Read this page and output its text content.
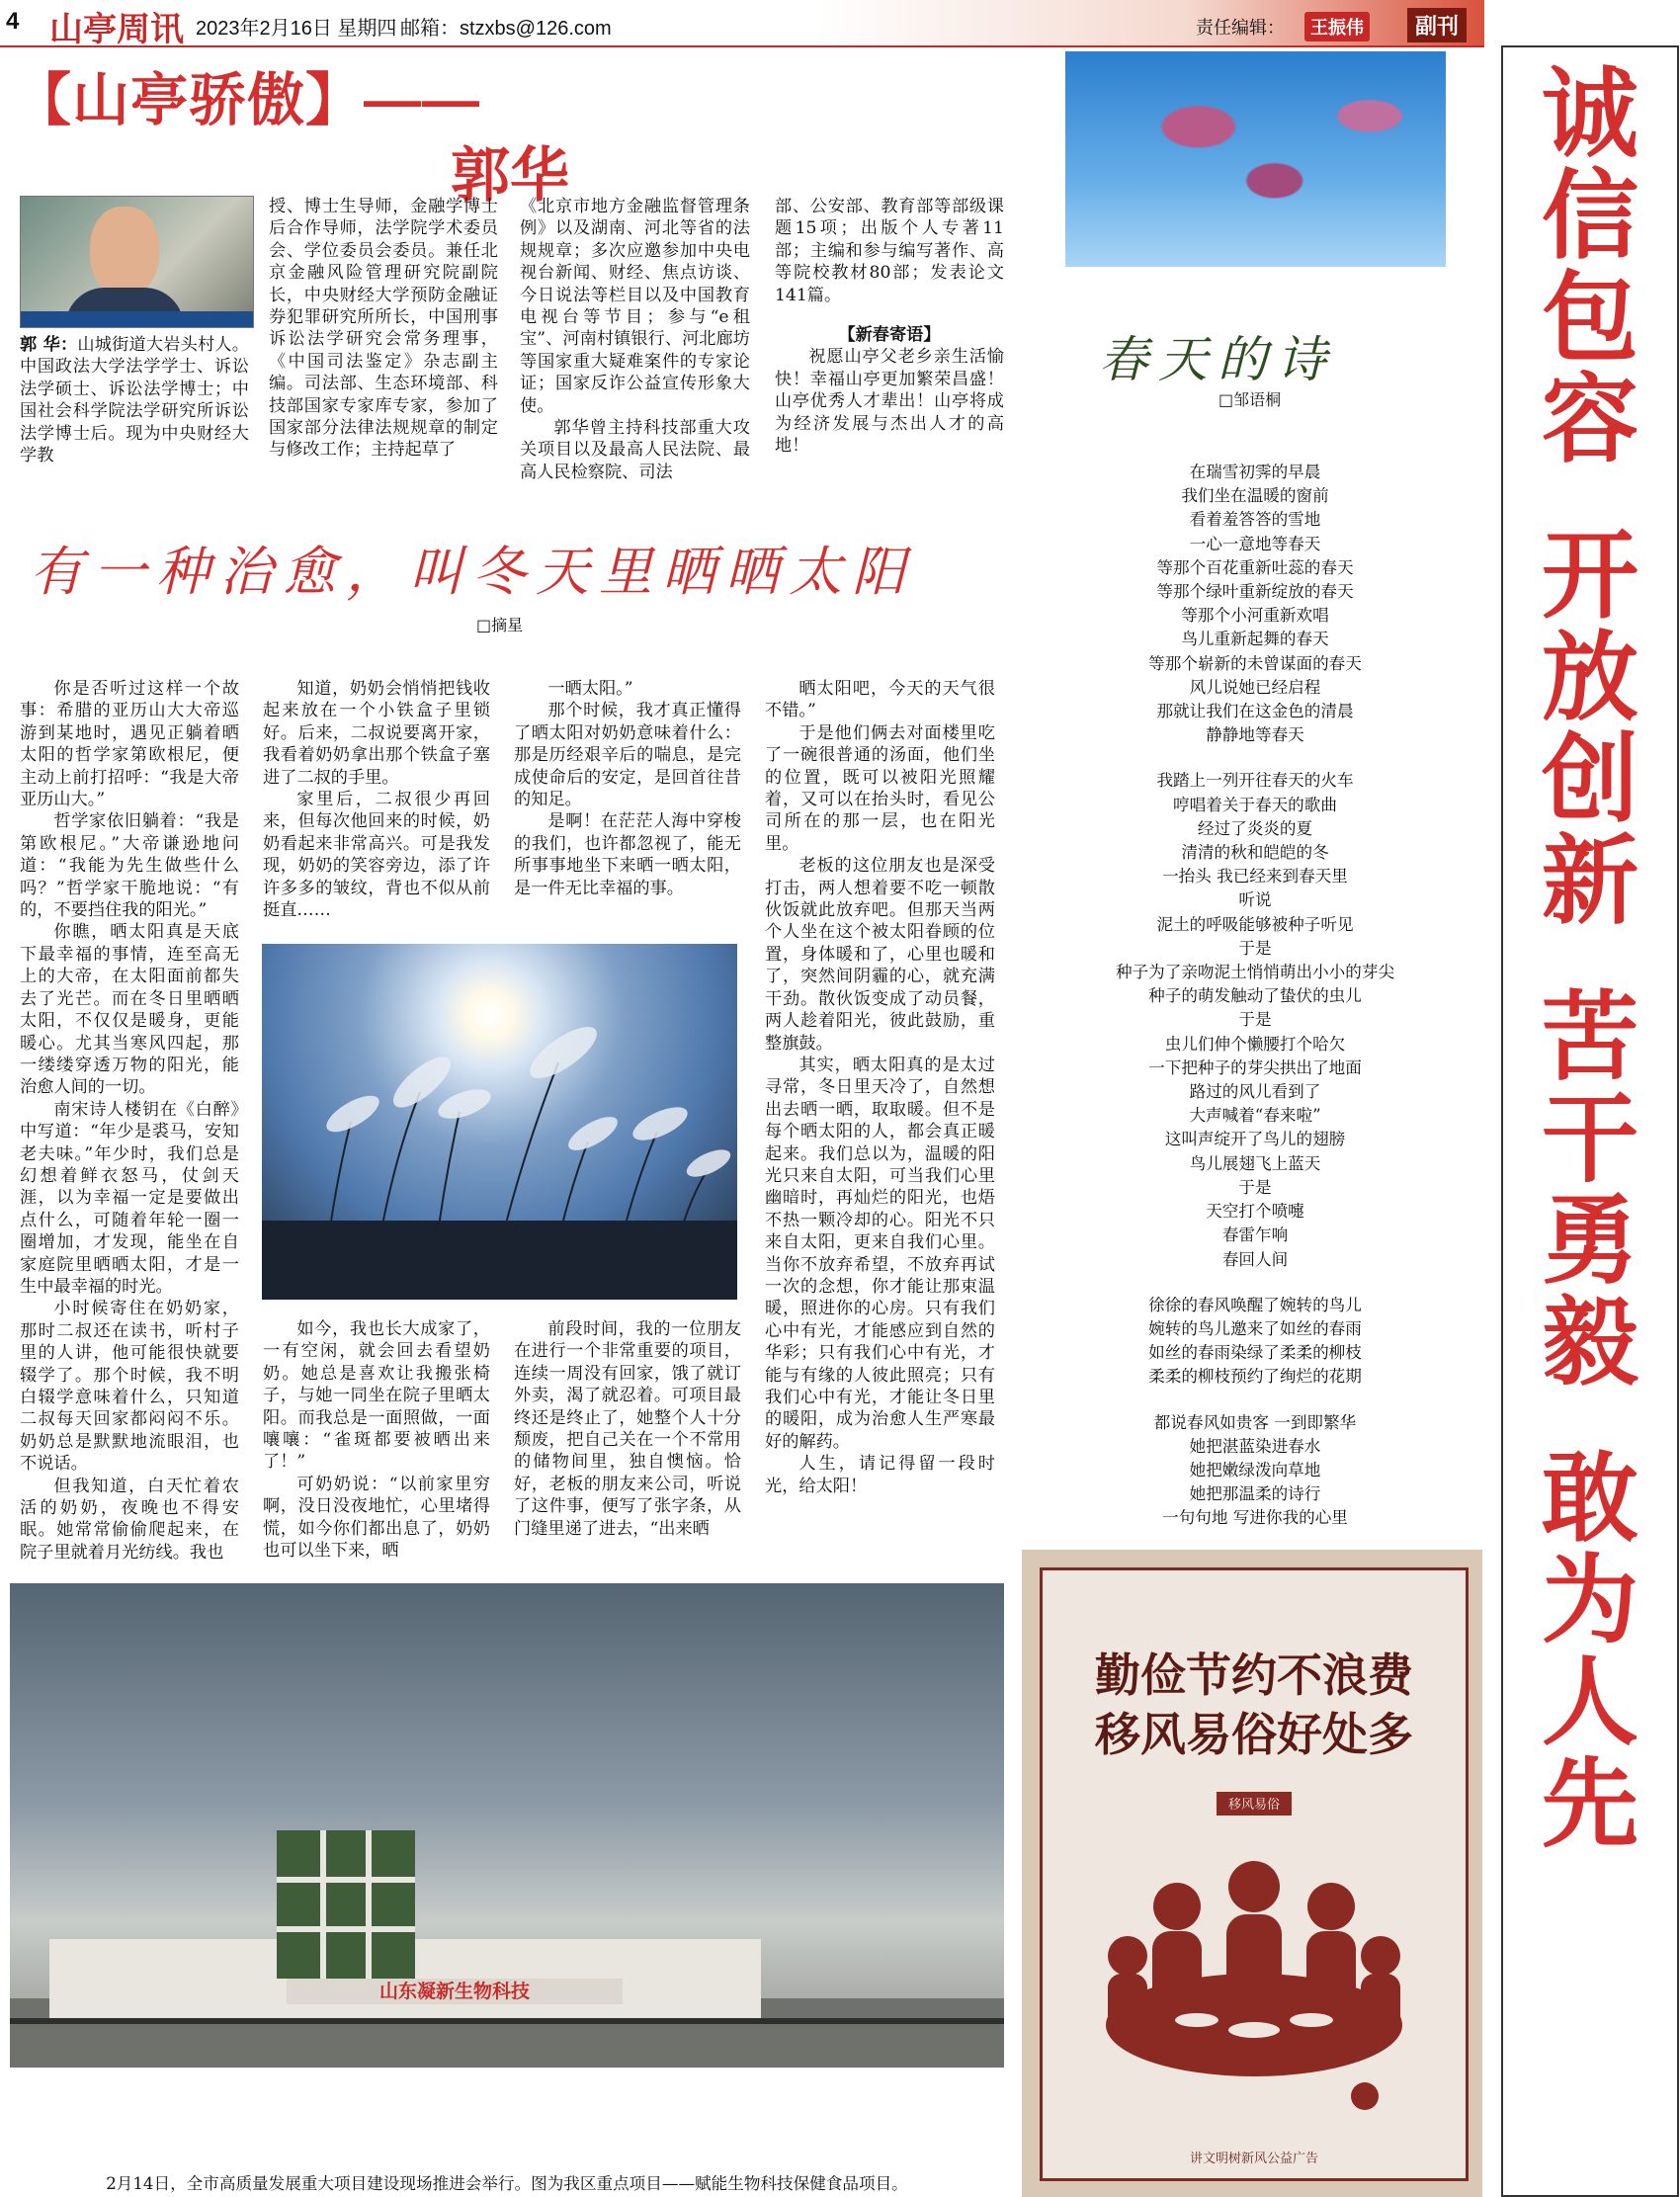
4 山亭周讯 2023年2月16日 星期四 邮箱：stzxbs@126.com	责任编辑：	王振伟	副刊
【山亭骄傲】——
郭华
郭 华：山城街道大岩头村人。中国政法大学法学学士、诉讼法学硕士、诉讼法学博士；中国社会科学院法学研究所诉讼法学博士后。现为中央财经大学教
授、博士生导师，金融学博士后合作导师，法学院学术委员会、学位委员会委员。兼任北京金融风险管理研究院副院长，中央财经大学预防金融证券犯罪研究所所长，中国刑事诉讼法学研究会常务理事，《中国司法鉴定》杂志副主编。司法部、生态环境部、科技部国家专家库专家，参加了国家部分法律法规规章的制定与修改工作；主持起草了
《北京市地方金融监督管理条例》以及湖南、河北等省的法规规章；多次应邀参加中央电视台新闻、财经、焦点访谈、今日说法等栏目以及中国教育电视台等节目；参与“e租宝”、河南村镇银行、河北廊坊等国家重大疑难案件的专家论证；国家反诈公益宣传形象大使。

郭华曾主持科技部重大攻关项目以及最高人民法院、最高人民检察院、司法

部、公安部、教育部等部级课题15项；出版个人专著11部；主编和参与编写著作、高等院校教材80部；发表论文141篇。
【新春寄语】

祝愿山亭父老乡亲生活愉快！幸福山亭更加繁荣昌盛！山亭优秀人才辈出！山亭将成为经济发展与杰出人才的高地！

有一种治愈，叫冬天里晒晒太阳
□摘星

你是否听过这样一个故事：希腊的亚历山大大帝巡游到某地时，遇见正躺着晒太阳的哲学家第欧根尼，便主动上前打招呼：“我是大帝亚历山大。”

哲学家依旧躺着：“我是第欧根尼。”大帝谦逊地问道：“我能为先生做些什么吗？”哲学家干脆地说：“有的，不要挡住我的阳光。”

你瞧，晒太阳真是天底下最幸福的事情，连至高无上的大帝，在太阳面前都失去了光芒。而在冬日里晒晒太阳，不仅仅是暖身，更能暖心。尤其当寒风四起，那一缕缕穿透万物的阳光，能治愈人间的一切。

南宋诗人楼钥在《白醉》中写道：“年少是裘马，安知老夫味。”年少时，我们总是幻想着鲜衣怒马，仗剑天涯，以为幸福一定是要做出点什么，可随着年轮一圈一圈增加，才发现，能坐在自家庭院里晒晒太阳，才是一生中最幸福的时光。

小时候寄住在奶奶家，那时二叔还在读书，听村子里的人讲，他可能很快就要辍学了。那个时候，我不明白辍学意味着什么，只知道二叔每天回家都闷闷不乐。奶奶总是默默地流眼泪，也不说话。

但我知道，白天忙着农活的奶奶，夜晚也不得安眠。她常常偷偷爬起来，在院子里就着月光纺线。我也

知道，奶奶会悄悄把钱收起来放在一个小铁盒子里锁好。后来，二叔说要离开家，我看着奶奶拿出那个铁盒子塞进了二叔的手里。

家里后，二叔很少再回来，但每次他回来的时候，奶奶看起来非常高兴。可是我发现，奶奶的笑容旁边，添了许许多多的皱纹，背也不似从前挺直……

如今，我也长大成家了，一有空闲，就会回去看望奶奶。她总是喜欢让我搬张椅子，与她一同坐在院子里晒太阳。而我总是一面照做，一面嚷嚷：“雀斑都要被晒出来了！”

可奶奶说：“以前家里穷啊，没日没夜地忙，心里堵得慌，如今你们都出息了，奶奶也可以坐下来，晒

一晒太阳。”

那个时候，我才真正懂得了晒太阳对奶奶意味着什么：那是历经艰辛后的喘息，是完成使命后的安定，是回首往昔的知足。

是啊！在茫茫人海中穿梭的我们，也许都忽视了，能无所事事地坐下来晒一晒太阳，是一件无比幸福的事。

前段时间，我的一位朋友在进行一个非常重要的项目，连续一周没有回家，饿了就订外卖，渴了就忍着。可项目最终还是终止了，她整个人十分颓废，把自己关在一个不常用的储物间里，独自懊恼。恰好，老板的朋友来公司，听说了这件事，便写了张字条，从门缝里递了进去，“出来晒

晒太阳吧，今天的天气很不错。”

于是他们俩去对面楼里吃了一碗很普通的汤面，他们坐的位置，既可以被阳光照耀着，又可以在抬头时，看见公司所在的那一层，也在阳光里。

老板的这位朋友也是深受打击，两人想着要不吃一顿散伙饭就此放弃吧。但那天当两个人坐在这个被太阳眷顾的位置，身体暖和了，心里也暖和了，突然间阴霾的心，就充满干劲。散伙饭变成了动员餐，两人趁着阳光，彼此鼓励，重整旗鼓。

其实，晒太阳真的是太过寻常，冬日里天冷了，自然想出去晒一晒，取取暖。但不是每个晒太阳的人，都会真正暖起来。我们总以为，温暖的阳光只来自太阳，可当我们心里幽暗时，再灿烂的阳光，也焐不热一颗冷却的心。阳光不只来自太阳，更来自我们心里。当你不放弃希望，不放弃再试一次的念想，你才能让那束温暖，照进你的心房。只有我们心中有光，才能感应到自然的华彩；只有我们心中有光，才能与有缘的人彼此照亮；只有我们心中有光，才能让冬日里的暖阳，成为治愈人生严寒最好的解药。

人生，请记得留一段时光，给太阳！

春天的诗
□邹语桐
在瑞雪初霁的早晨
我们坐在温暖的窗前
看着羞答答的雪地
一心一意地等春天
等那个百花重新吐蕊的春天
等那个绿叶重新绽放的春天
等那个小河重新欢唱
鸟儿重新起舞的春天
等那个崭新的未曾谋面的春天
风儿说她已经启程
那就让我们在这金色的清晨
静静地等春天
我踏上一列开往春天的火车
哼唱着关于春天的歌曲
经过了炎炎的夏
清清的秋和皑皑的冬
一抬头 我已经来到春天里
听说
泥土的呼吸能够被种子听见
于是
种子为了亲吻泥土悄悄萌出小小的芽尖
种子的萌发触动了蛰伏的虫儿
于是
虫儿们伸个懒腰打个哈欠
一下把种子的芽尖拱出了地面
路过的风儿看到了
大声喊着“春来啦”
这叫声绽开了鸟儿的翅膀
鸟儿展翅飞上蓝天
于是
天空打个喷嚏
春雷乍响
春回人间
徐徐的春风唤醒了婉转的鸟儿
婉转的鸟儿邀来了如丝的春雨
如丝的春雨染绿了柔柔的柳枝
柔柔的柳枝预约了绚烂的花期
都说春风如贵客 一到即繁华
她把湛蓝染进春水
她把嫩绿泼向草地
她把那温柔的诗行
一句句地 写进你我的心里
勤俭节约不浪费
移风易俗好处多
移风易俗
讲文明树新风公益广告
山东凝新生物科技
2月14日，全市高质量发展重大项目建设现场推进会举行。图为我区重点项目——赋能生物科技保健食品项目。
诚信包容
开放创新
苦干勇毅
敢为人先
